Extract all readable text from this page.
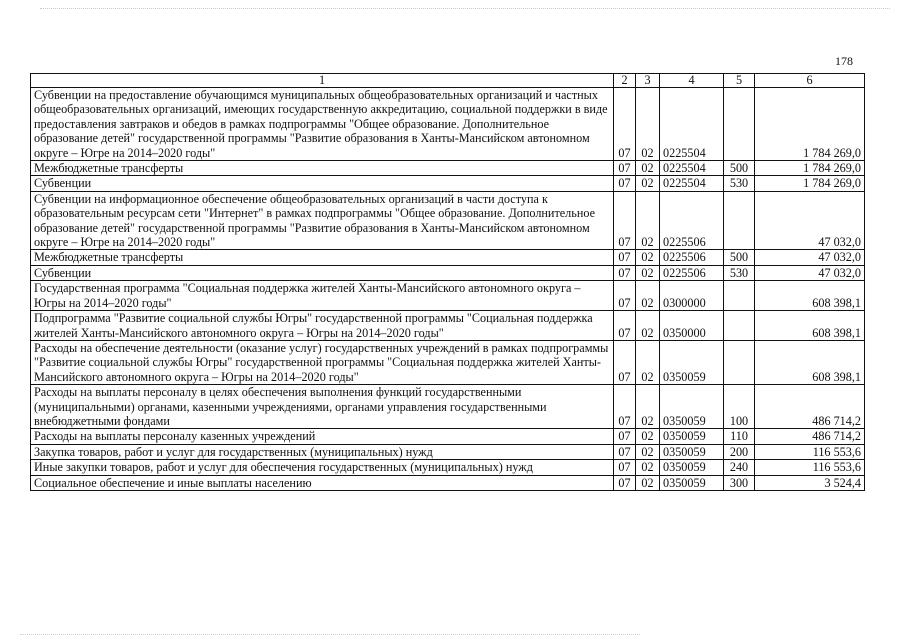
178
1	2	3	4	5	6
Субвенции на предоставление обучающимся муниципальных общеобразовательных организаций и частных общеобразовательных организаций, имеющих государственную аккредитацию, социальной поддержки в виде предоставления завтраков и обедов в рамках подпрограммы "Общее образование. Дополнительное образование детей" государственной программы "Развитие образования в Ханты-Мансийском автономном округе – Югре на 2014–2020 годы"	07	02	0225504		1 784 269,0
Межбюджетные трансферты	07	02	0225504	500	1 784 269,0
Субвенции	07	02	0225504	530	1 784 269,0
Субвенции на информационное обеспечение общеобразовательных организаций в части доступа к образовательным ресурсам сети "Интернет" в рамках подпрограммы "Общее образование. Дополнительное образование детей" государственной программы "Развитие образования в Ханты-Мансийском автономном округе – Югре на 2014–2020 годы"	07	02	0225506		47 032,0
Межбюджетные трансферты	07	02	0225506	500	47 032,0
Субвенции	07	02	0225506	530	47 032,0
Государственная программа "Социальная поддержка жителей Ханты-Мансийского автономного округа – Югры на 2014–2020 годы"	07	02	0300000		608 398,1
Подпрограмма "Развитие социальной службы Югры" государственной программы "Социальная поддержка жителей Ханты-Мансийского автономного округа – Югры на 2014–2020 годы"	07	02	0350000		608 398,1
Расходы на обеспечение деятельности (оказание услуг) государственных учреждений в рамках подпрограммы "Развитие социальной службы Югры" государственной программы "Социальная поддержка жителей Ханты-Мансийского автономного округа – Югры на 2014–2020 годы"	07	02	0350059		608 398,1
Расходы на выплаты персоналу в целях обеспечения выполнения функций государственными (муниципальными) органами, казенными учреждениями, органами управления государственными внебюджетными фондами	07	02	0350059	100	486 714,2
Расходы на выплаты персоналу казенных учреждений	07	02	0350059	110	486 714,2
Закупка товаров, работ и услуг для государственных (муниципальных) нужд	07	02	0350059	200	116 553,6
Иные закупки товаров, работ и услуг для обеспечения государственных (муниципальных) нужд	07	02	0350059	240	116 553,6
Социальное обеспечение и иные выплаты населению	07	02	0350059	300	3 524,4
